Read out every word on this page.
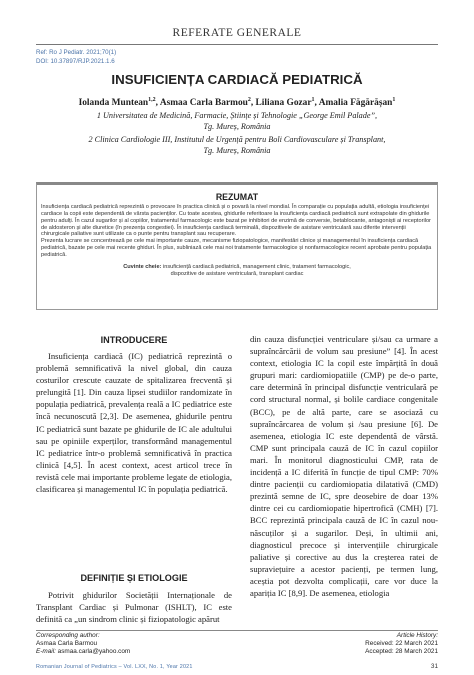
REFERATE GENERALE
Ref: Ro J Pediatr. 2021;70(1)
DOI: 10.37897/RJP.2021.1.6
INSUFICIENȚA CARDIACĂ PEDIATRICĂ
Iolanda Muntean$^{1,2}$, Asmaa Carla Barmou$^2$, Liliana Gozar$^1$, Amalia Făgărășan$^1$
1 Universitatea de Medicină, Farmacie, Științe și Tehnologie „George Emil Palade”,
Tg. Mureș, România
2 Clinica Cardiologie III, Institutul de Urgență pentru Boli Cardiovasculare și Transplant,
Tg. Mureș, România
REZUMAT

Insuficiența cardiacă pediatrică reprezintă o provocare în practica clinică și o povară la nivel mondial. În comparație cu populația adultă, etiologia insuficienței cardiace la copii este dependentă de vârsta pacienților. Cu toate acestea, ghidurile referitoare la insuficiența cardiacă pediatrică sunt extrapolate din ghidurile pentru adulți. În cazul sugarilor și al copiilor, tratamentul farmacologic este bazat pe inhibitori de enzimă de conversie, betablocante, antagoniști ai receptorilor de aldosteron și alte diuretice (în prezența congestiei). În insuficiența cardiacă terminală, dispozitivele de asistare ventriculară sau diferite intervenții chirurgicale paliative sunt utilizate ca o punte pentru transplant sau recuperare.

Prezenta lucrare se concentrează pe cele mai importante cauze, mecanisme fiziopatologice, manifestări clinice și managementul în insuficiența cardiacă pediatrică, bazate pe cele mai recente ghiduri. În plus, subliniază cele mai noi tratamente farmacologice și nonfarmacologice recent aprobate pentru populația pediatrică.

Cuvinte cheie: insuficiență cardiacă pediatrică, management clinic, tratament farmacologic,
dispozitive de asistare ventriculară, transplant cardiac
INTRODUCERE
Insuficiența cardiacă (IC) pediatrică reprezintă o problemă semnificativă la nivel global, din cauza costurilor crescute cauzate de spitalizarea frecventă și prelungită [1]. Din cauza lipsei studiilor randomizate în populația pediatrică, prevalența reală a IC pediatrice este încă necunoscută [2,3]. De asemenea, ghidurile pentru IC pediatrică sunt bazate pe ghidurile de IC ale adultului sau pe opiniile experților, transformând managementul IC pediatrice într-o problemă semnificativă în practica clinică [4,5]. În acest context, acest articol trece în revistă cele mai importante probleme legate de etiologia, clasificarea și managementul IC în populația pediatrică.
DEFINIȚIE ȘI ETIOLOGIE
Potrivit ghidurilor Societății Internaționale de Transplant Cardiac și Pulmonar (ISHLT), IC este definită ca „un sindrom clinic și fiziopatologic apărut
din cauza disfuncției ventriculare și/sau ca urmare a supraîncărcării de volum sau presiune” [4]. În acest context, etiologia IC la copil este împărțită în două grupuri mari: cardiomiopatiile (CMP) pe de-o parte, care determină în principal disfuncție ventriculară pe cord structural normal, și bolile cardiace congenitale (BCC), pe de altă parte, care se asociază cu supraîncărcarea de volum și /sau presiune [6]. De asemenea, etiologia IC este dependentă de vârstă. CMP sunt principala cauză de IC în cazul copiilor mari. În monitorul diagnosticului CMP, rata de incidență a IC diferită în funcție de tipul CMP: 70% dintre pacienții cu cardiomiopatia dilatativă (CMD) prezintă semne de IC, spre deosebire de doar 13% dintre cei cu cardiomiopatie hipertrofică (CMH) [7]. BCC reprezintă principala cauză de IC în cazul nou-născuților și a sugarilor. Deși, în ultimii ani, diagnosticul precoce și intervențiile chirurgicale paliative și corective au dus la creșterea ratei de supraviețuire a acestor pacienți, pe termen lung, aceștia pot dezvolta complicații, care vor duce la apariția IC [8,9]. De asemenea, etiologia
Corresponding author:
Asmaa Carla Barmou
E-mail: asmaa.carla@yahoo.com
Article History:
Received: 22 March 2021
Accepted: 28 March 2021
Romanian Journal of Pediatrics – Vol. LXX, No. 1, Year 2021	31
